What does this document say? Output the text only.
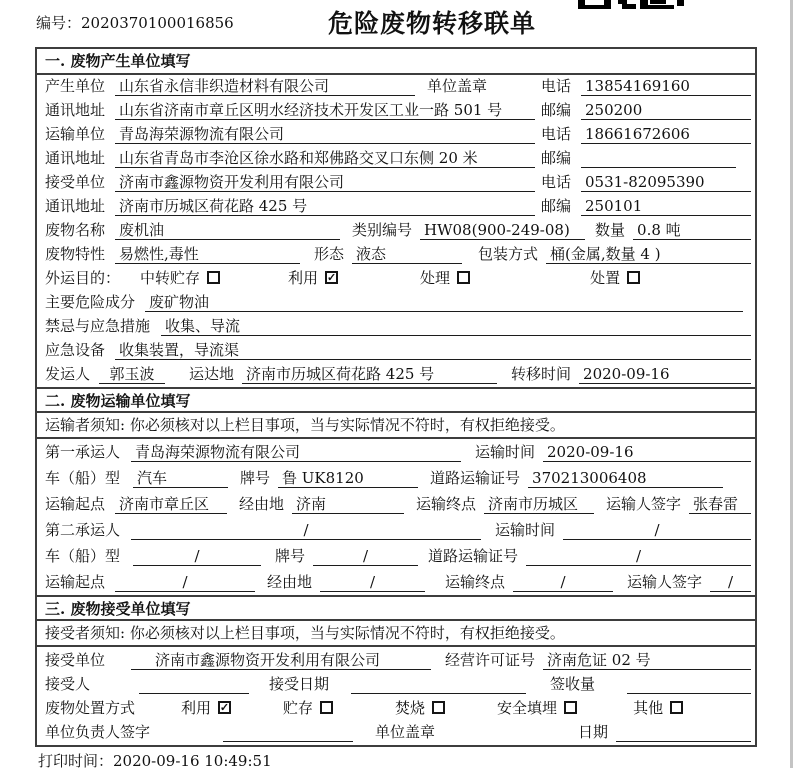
编号：2020370100016856	危险废物转移联单
一. 废物产生单位填写
产生单位 山东省永信非织造材料有限公司	单位盖章	电话 13854169160
通讯地址 山东省济南市章丘区明水经济技术开发区工业一路 501 号	邮编 250200
运输单位 青岛海荣源物流有限公司	电话 18661672606
通讯地址 山东省青岛市李沧区徐水路和郑佛路交叉口东侧 20 米	邮编
接受单位 济南市鑫源物资开发利用有限公司	电话 0531-82095390
通讯地址 济南市历城区荷花路 425 号	邮编 250101
废物名称 废机油	类别编号 HW08(900-249-08)	数量 0.8 吨
废物特性 易燃性,毒性	形态 液态	包装方式 桶(金属,数量 4 )
外运目的：	中转贮存	利用 ✓	处理	处置
主要危险成分 废矿物油
禁忌与应急措施 收集、导流
应急设备 收集装置，导流渠
发运人	郭玉波	运达地 济南市历城区荷花路 425 号	转移时间 2020-09-16
二. 废物运输单位填写
运输者须知: 你必须核对以上栏目事项，当与实际情况不符时，有权拒绝接受。
第一承运人 青岛海荣源物流有限公司	运输时间 2020-09-16
车（船）型	汽车	牌号 鲁 UK8120	道路运输证号 370213006408
运输起点 济南市章丘区	经由地 济南	运输终点 济南市历城区	运输人签字 张春雷
第二承运人	/	运输时间	/
车（船）型	/	牌号	/	道路运输证号	/
运输起点	/	经由地	/	运输终点	/	运输人签字	/
三. 废物接受单位填写
接受者须知: 你必须核对以上栏目事项，当与实际情况不符时，有权拒绝接受。
接受单位	济南市鑫源物资开发利用有限公司	经营许可证号 济南危证 02 号
接受人	接受日期	签收量
废物处置方式	利用 ✓	贮存	焚烧	安全填埋	其他
单位负责人签字	单位盖章	日期
打印时间：2020-09-16 10:49:51
